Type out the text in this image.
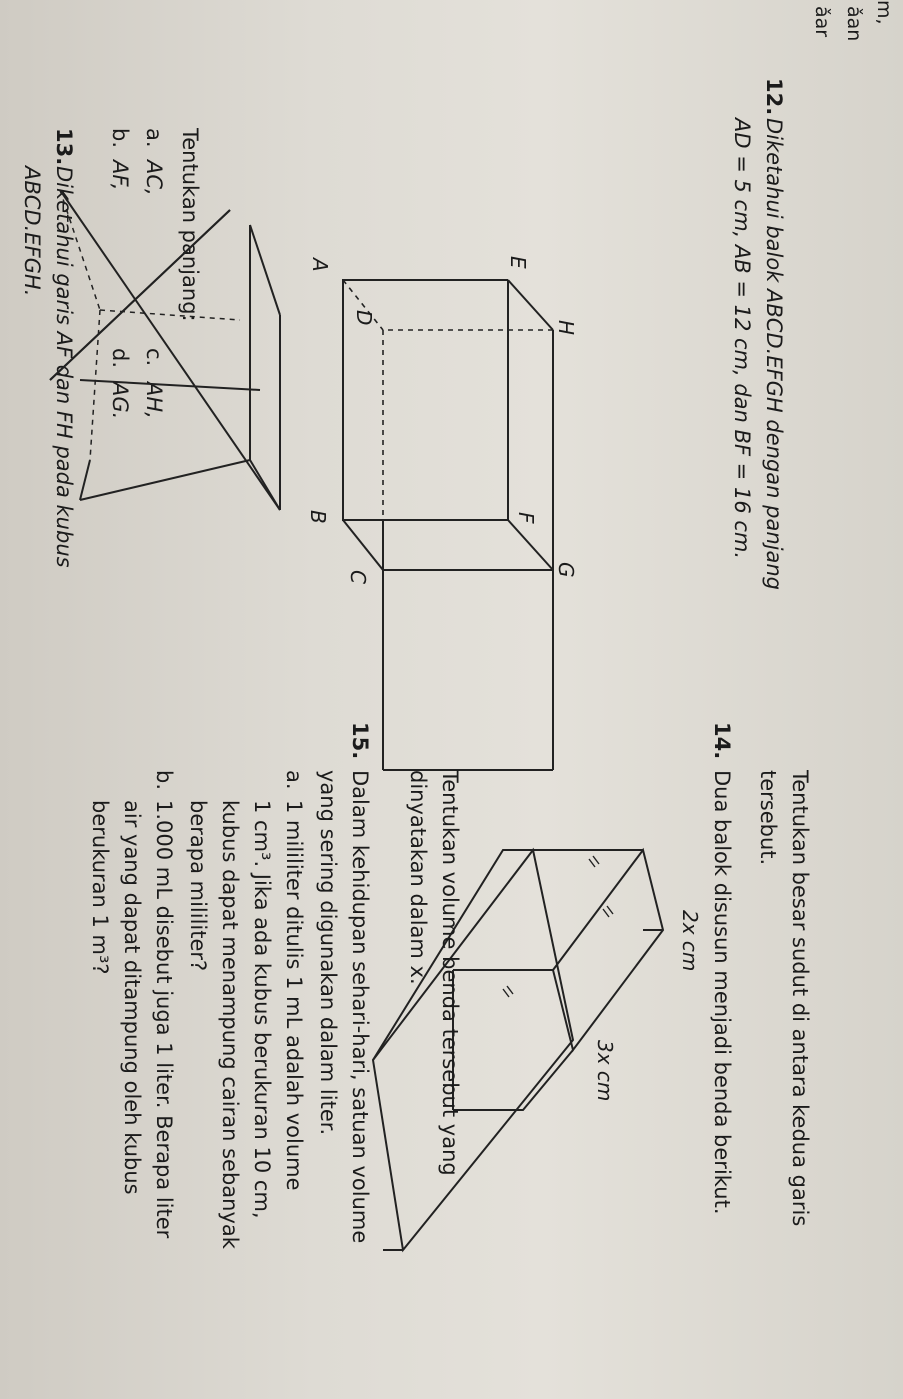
m,
ǎan
ǎar
12.
Diketahui balok ABCD.EFGH dengan panjang
AD = 5 cm, AB = 12 cm, dan BF = 16 cm.
A
B
C
D
E
F
G
H
Tentukan panjang:
a.
AC,
b.
AF,
c.
AH,
d.
AG.
13.
Diketahui garis AF dan FH pada kubus
ABCD.EFGH.
Tentukan besar sudut di antara kedua garis
tersebut.
14.
Dua balok disusun menjadi benda berikut.
2x cm
3x cm
Tentukan volume benda tersebut yang
dinyatakan dalam x.
15.
Dalam kehidupan sehari-hari, satuan volume
yang sering digunakan dalam liter.
a.
1 mililiter ditulis 1 mL adalah volume
1 cm³. Jika ada kubus berukuran 10 cm,
kubus dapat menampung cairan sebanyak
berapa mililiter?
b.
1.000 mL disebut juga 1 liter. Berapa liter
air yang dapat ditampung oleh kubus
berukuran 1 m³?
